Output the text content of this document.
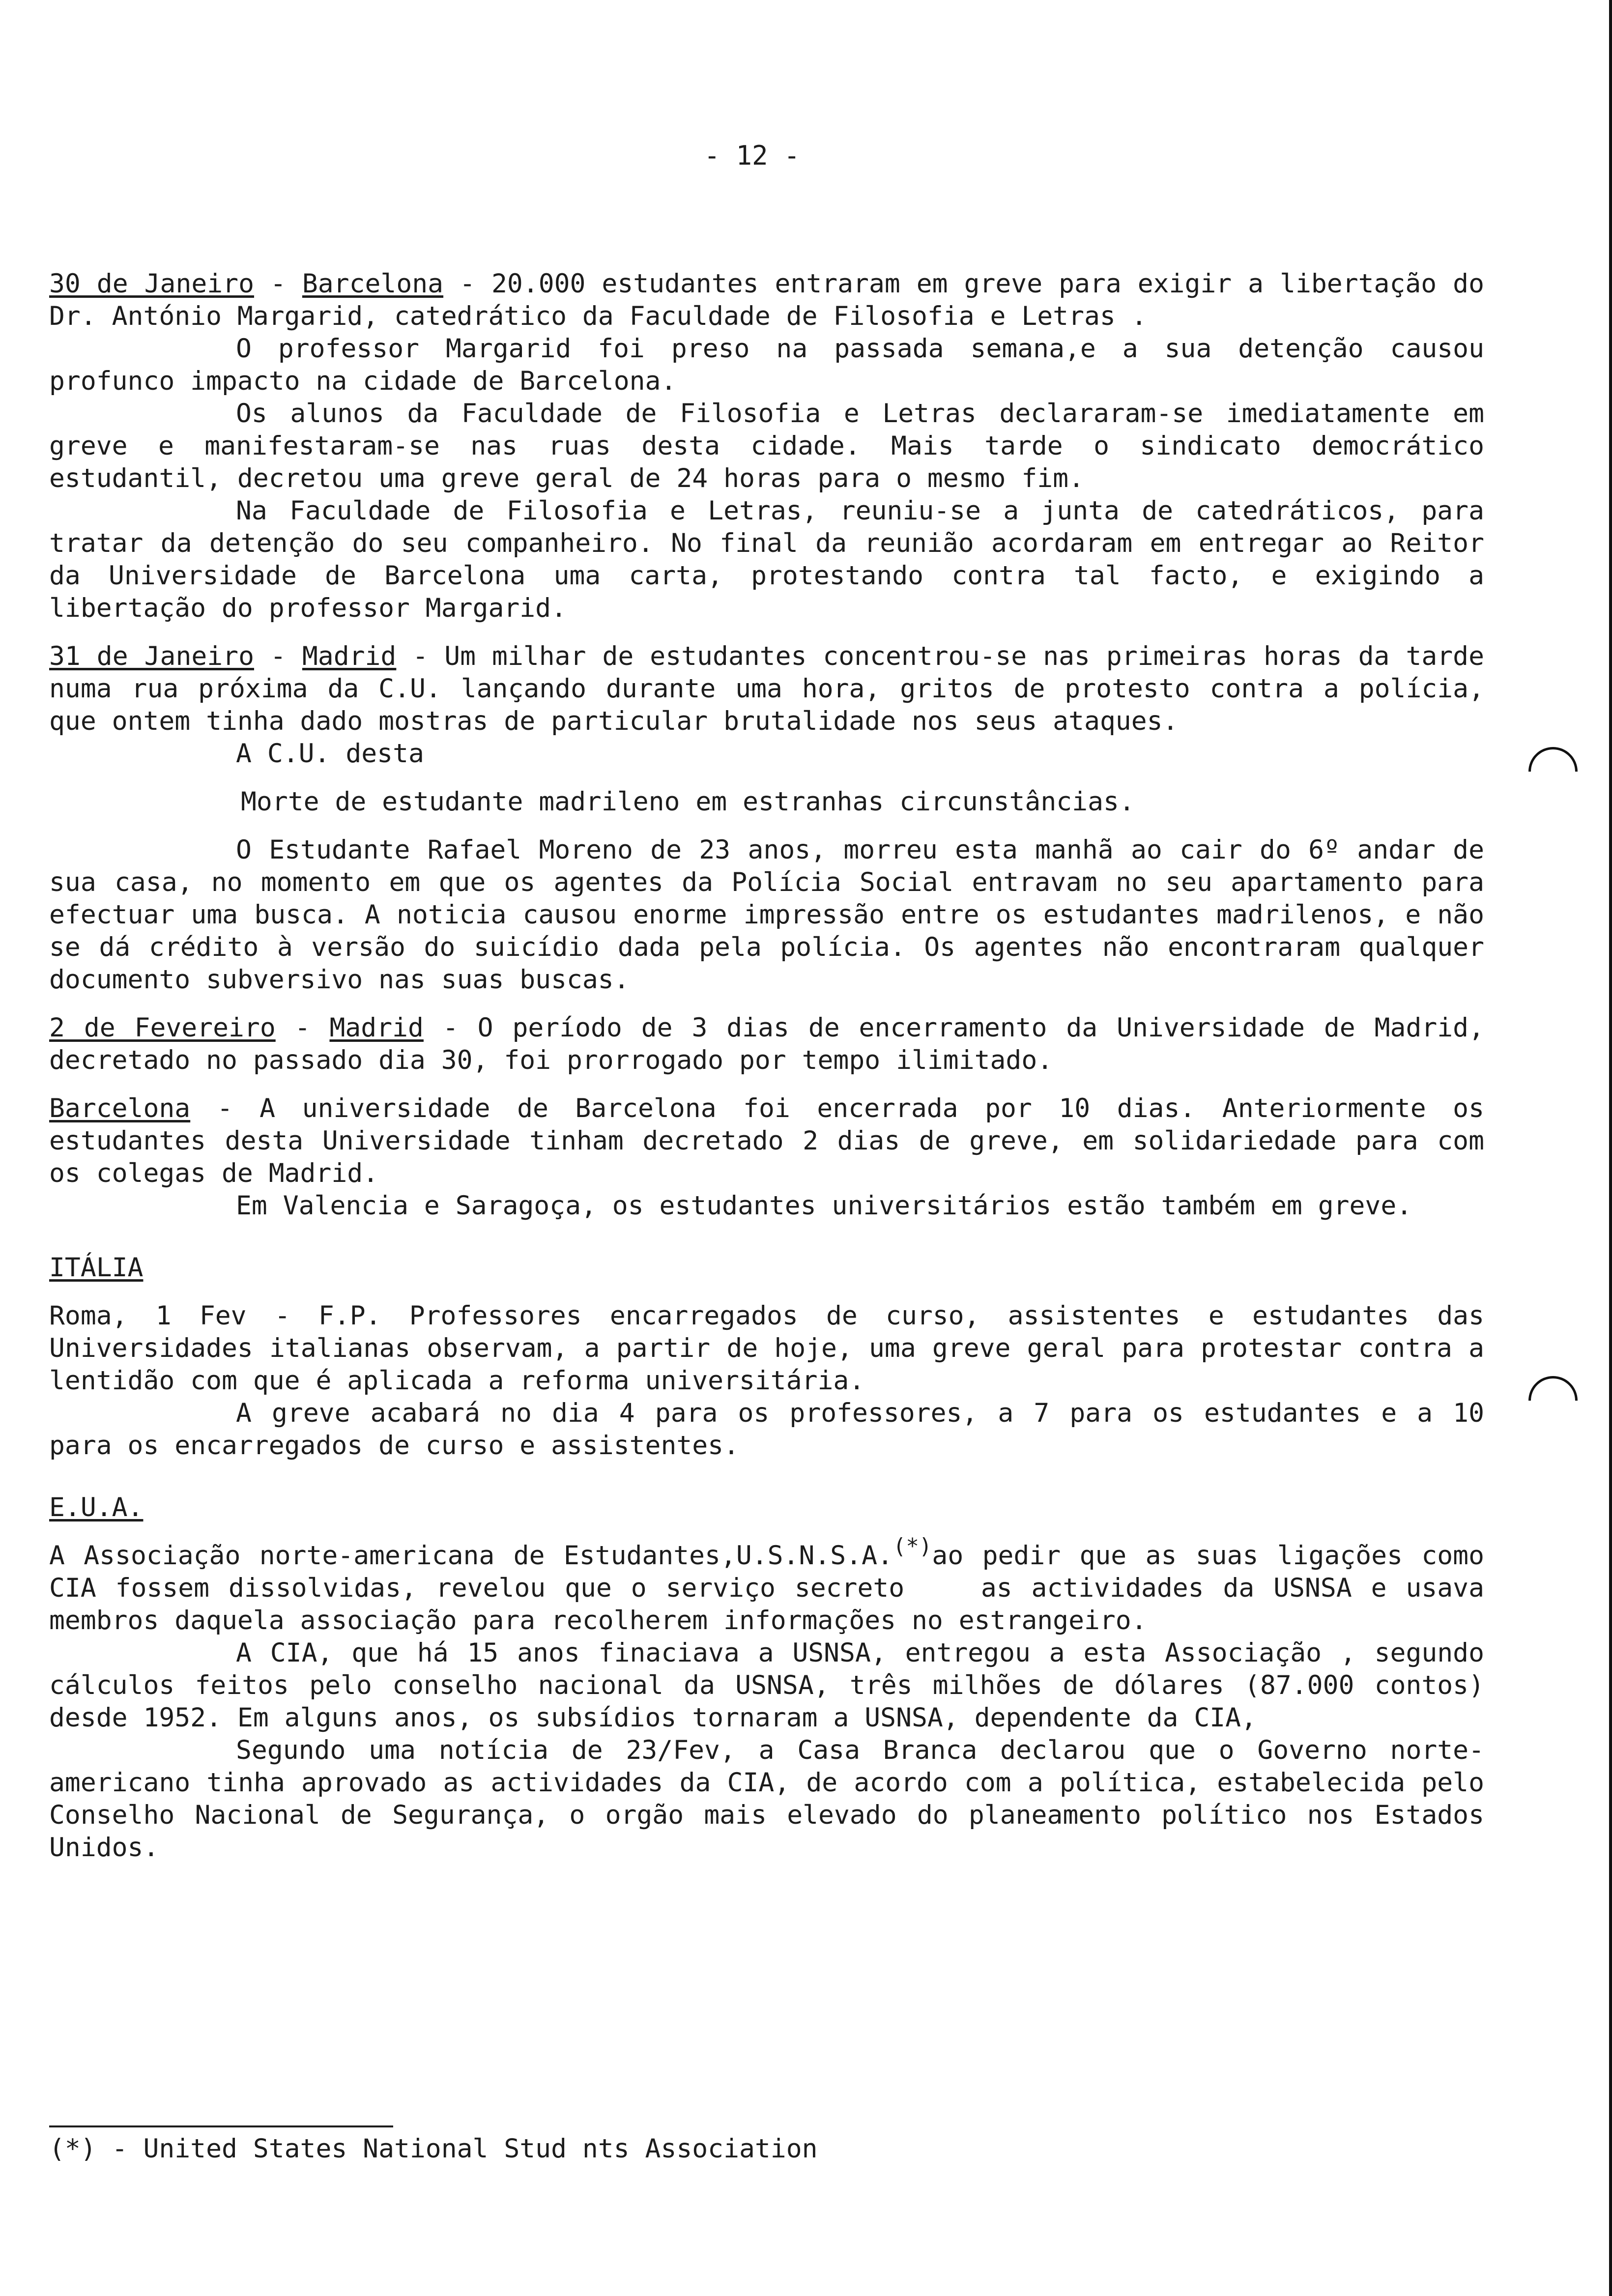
- 12 -

30 de Janeiro - Barcelona - 20.000 estudantes entraram em greve para exigir a libertação do Dr. António Margarid, catedrático da Faculdade de Filosofia e Letras .

O professor Margarid foi preso na passada semana,e a sua detenção causou profunco impacto na cidade de Barcelona.

Os alunos da Faculdade de Filosofia e Letras declararam-se imediatamente em greve e manifestaram-se nas ruas desta cidade. Mais tarde o sindicato democrático estudantil, decretou uma greve geral de 24 horas para o mesmo fim.

Na Faculdade de Filosofia e Letras, reuniu-se a junta de catedráticos, para tratar da detenção do seu companheiro. No final da reunião acordaram em entregar ao Reitor da Universidade de Barcelona uma carta, protestando contra tal facto, e exigindo a libertação do professor Margarid.

31 de Janeiro - Madrid - Um milhar de estudantes concentrou-se nas primeiras horas da tarde numa rua próxima da C.U. lançando durante uma hora, gritos de protesto contra a polícia, que ontem tinha dado mostras de particular brutalidade nos seus ataques.

A C.U. desta

Morte de estudante madrileno em estranhas circunstâncias.

O Estudante Rafael Moreno de 23 anos, morreu esta manhã ao cair do 6º andar de sua casa, no momento em que os agentes da Polícia Social entravam no seu apartamento para efectuar uma busca. A noticia causou enorme impressão entre os estudantes madrilenos, e não se dá crédito à versão do suicídio dada pela polícia. Os agentes não encontraram qualquer documento subversivo nas suas buscas.

2 de Fevereiro - Madrid - O período de 3 dias de encerramento da Universidade de Madrid, decretado no passado dia 30, foi prorrogado por tempo ilimitado.

Barcelona - A universidade de Barcelona foi encerrada por 10 dias. Anteriormente os estudantes desta Universidade tinham decretado 2 dias de greve, em solidariedade para com os colegas de Madrid.

Em Valencia e Saragoça, os estudantes universitários estão também em greve.

ITÁLIA

Roma, 1 Fev - F.P. Professores encarregados de curso, assistentes e estudantes das Universidades italianas observam, a partir de hoje, uma greve geral para protestar contra a lentidão com que é aplicada a reforma universitária.

A greve acabará no dia 4 para os professores, a 7 para os estudantes e a 10 para os encarregados de curso e assistentes.

E.U.A.

A Associação norte-americana de Estudantes,U.S.N.S.A.(*)ao pedir que as suas ligações como CIA fossem dissolvidas, revelou que o serviço secreto    as actividades da USNSA e usava membros daquela associação para recolherem informações no estrangeiro.

A CIA, que há 15 anos finaciava a USNSA, entregou a esta Associação , segundo cálculos feitos pelo conselho nacional da USNSA, três milhões de dólares (87.000 contos) desde 1952. Em alguns anos, os subsídios tornaram a USNSA, dependente da CIA,

Segundo uma notícia de 23/Fev, a Casa Branca declarou que o Governo norte-americano tinha aprovado as actividades da CIA, de acordo com a política, estabelecida pelo Conselho Nacional de Segurança, o orgão mais elevado do planeamento político nos Estados Unidos.

(*) - United States National Stud nts Association
